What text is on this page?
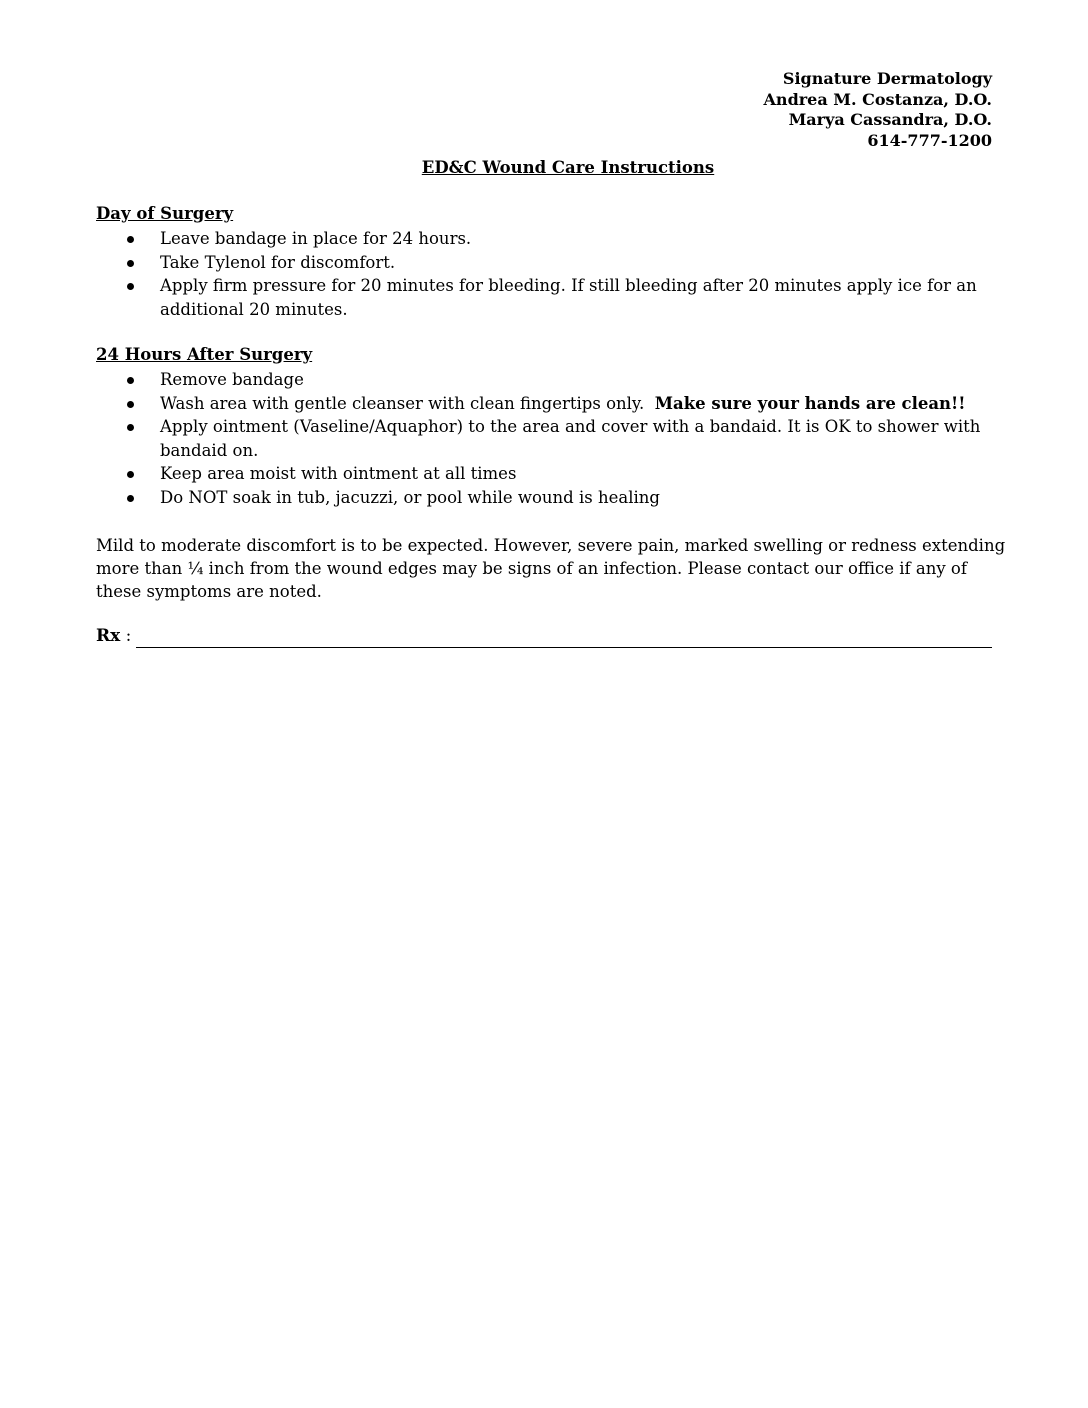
Signature Dermatology
Andrea M. Costanza, D.O.
Marya Cassandra, D.O.
614-777-1200
ED&C Wound Care Instructions
Day of Surgery
Leave bandage in place for 24 hours.
Take Tylenol for discomfort.
Apply firm pressure for 20 minutes for bleeding. If still bleeding after 20 minutes apply ice for an additional 20 minutes.
24 Hours After Surgery
Remove bandage
Wash area with gentle cleanser with clean fingertips only. Make sure your hands are clean!!
Apply ointment (Vaseline/Aquaphor) to the area and cover with a bandaid. It is OK to shower with bandaid on.
Keep area moist with ointment at all times
Do NOT soak in tub, jacuzzi, or pool while wound is healing

Mild to moderate discomfort is to be expected. However, severe pain, marked swelling or redness extending more than ¼ inch from the wound edges may be signs of an infection. Please contact our office if any of these symptoms are noted.

Rx :
